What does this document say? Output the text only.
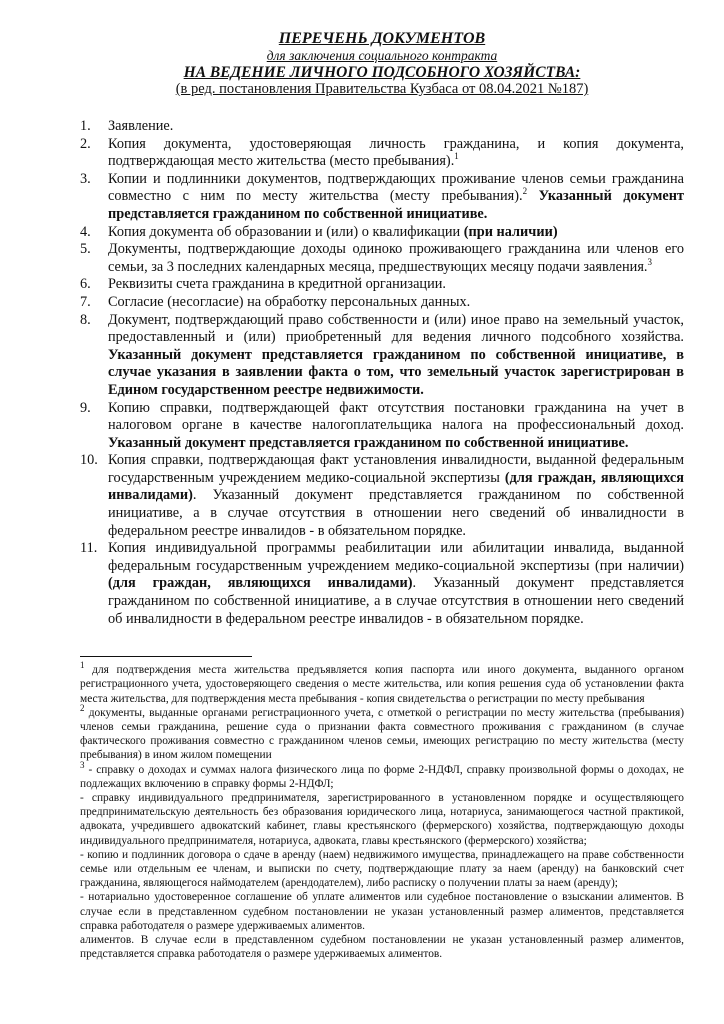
ПЕРЕЧЕНЬ ДОКУМЕНТОВ
для заключения социального контракта
НА ВЕДЕНИЕ ЛИЧНОГО ПОДСОБНОГО ХОЗЯЙСТВА:
(в ред. постановления Правительства Кузбаса от 08.04.2021 №187)
1.	Заявление.
2.	Копия документа, удостоверяющая личность гражданина, и копия документа, подтверждающая место жительства (место пребывания).$^1$
3.	Копии и подлинники документов, подтверждающих проживание членов семьи гражданина совместно с ним по месту жительства (месту пребывания).$^2$ Указанный документ представляется гражданином по собственной инициативе.
4.	Копия документа об образовании и (или) о квалификации (при наличии)
5.	Документы, подтверждающие доходы одиноко проживающего гражданина или членов его семьи, за 3 последних календарных месяца, предшествующих месяцу подачи заявления.$^3$
6.	Реквизиты счета гражданина в кредитной организации.
7.	Согласие (несогласие) на обработку персональных данных.
8.	Документ, подтверждающий право собственности и (или) иное право на земельный участок, предоставленный и (или) приобретенный для ведения личного подсобного хозяйства. Указанный документ представляется гражданином по собственной инициативе, в случае указания в заявлении факта о том, что земельный участок зарегистрирован в Едином государственном реестре недвижимости.
9.	Копию справки, подтверждающей факт отсутствия постановки гражданина на учет в налоговом органе в качестве налогоплательщика налога на профессиональный доход. Указанный документ представляется гражданином по собственной инициативе.
10. Копия справки, подтверждающая факт установления инвалидности, выданной федеральным государственным учреждением медико-социальной экспертизы (для граждан, являющихся инвалидами). Указанный документ представляется гражданином по собственной инициативе, а в случае отсутствия в отношении него сведений об инвалидности в федеральном реестре инвалидов - в обязательном порядке.
11. Копия индивидуальной программы реабилитации или абилитации инвалида, выданной федеральным государственным учреждением медико-социальной экспертизы (при наличии) (для граждан, являющихся инвалидами). Указанный документ представляется гражданином по собственной инициативе, а в случае отсутствия в отношении него сведений об инвалидности в федеральном реестре инвалидов - в обязательном порядке.

$^1$ для подтверждения места жительства предъявляется копия паспорта или иного документа, выданного органом регистрационного учета, удостоверяющего сведения о месте жительства, или копия решения суда об установлении факта места жительства, для подтверждения места пребывания - копия свидетельства о регистрации по месту пребывания

$^2$ документы, выданные органами регистрационного учета, с отметкой о регистрации по месту жительства (пребывания) членов семьи гражданина, решение суда о признании факта совместного проживания с гражданином (в случае фактического проживания совместно с гражданином членов семьи, имеющих регистрацию по месту жительства (месту пребывания) в ином жилом помещении

$^3$ - справку о доходах и суммах налога физического лица по форме 2-НДФЛ, справку произвольной формы о доходах, не подлежащих включению в справку формы 2-НДФЛ;

- справку индивидуального предпринимателя, зарегистрированного в установленном порядке и осуществляющего предпринимательскую деятельность без образования юридического лица, нотариуса, занимающегося частной практикой, адвоката, учредившего адвокатский кабинет, главы крестьянского (фермерского) хозяйства, подтверждающую доходы индивидуального предпринимателя, нотариуса, адвоката, главы крестьянского (фермерского) хозяйства;

- копию и подлинник договора о сдаче в аренду (наем) недвижимого имущества, принадлежащего на праве собственности семье или отдельным ее членам, и выписки по счету, подтверждающие плату за наем (аренду) на банковский счет гражданина, являющегося наймодателем (арендодателем), либо расписку о получении платы за наем (аренду);

- нотариально удостоверенное соглашение об уплате алиментов или судебное постановление о взыскании алиментов. В случае если в представленном судебном постановлении не указан установленный размер алиментов, представляется справка работодателя о размере удерживаемых алиментов.

алиментов. В случае если в представленном судебном постановлении не указан установленный размер алиментов, представляется справка работодателя о размере удерживаемых алиментов.
